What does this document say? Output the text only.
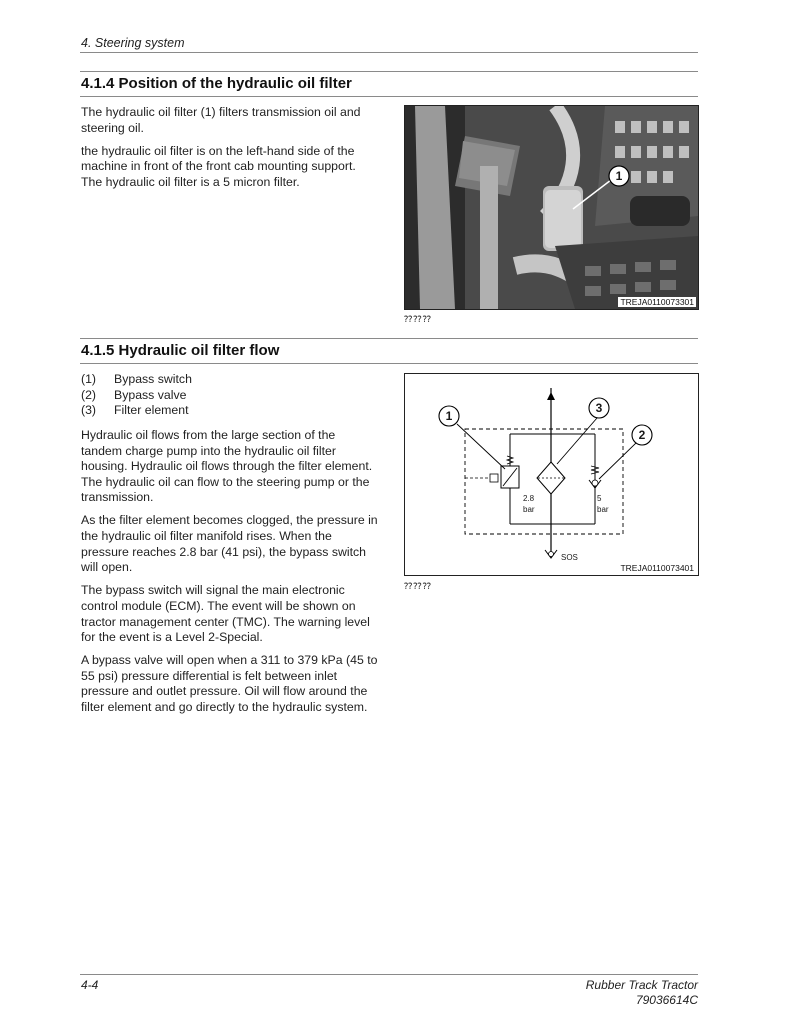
4. Steering system
4.1.4 Position of the hydraulic oil filter

The hydraulic oil filter (1) filters transmission oil and steering oil.

the hydraulic oil filter is on the left-hand side of the machine in front of the front cab mounting support. The hydraulic oil filter is a 5 micron filter.	1
TREJA0110073301
⁇⁇⁇
4.1.5 Hydraulic oil filter flow
(1)	Bypass switch
(2)	Bypass valve
(3)	Filter element

Hydraulic oil flows from the large section of the tandem charge pump into the hydraulic oil filter housing. Hydraulic oil flows through the filter element. The hydraulic oil can flow to the steering pump or the transmission.

As the filter element becomes clogged, the pressure in the hydraulic oil filter manifold rises. When the pressure reaches 2.8 bar (41 psi), the bypass switch will open.

The bypass switch will signal the main electronic control module (ECM). The event will be shown on tractor management center (TMC). The warning level for the event is a Level 2-Special.

A bypass valve will open when a 311 to 379 kPa (45 to 55 psi) pressure differential is felt between inlet pressure and outlet pressure. Oil will flow around the filter element and go directly to the hydraulic system.

1
3
2
2.8
bar
5
bar
SOS
TREJA0110073401
⁇⁇⁇
4-4	Rubber Track Tractor
79036614C
